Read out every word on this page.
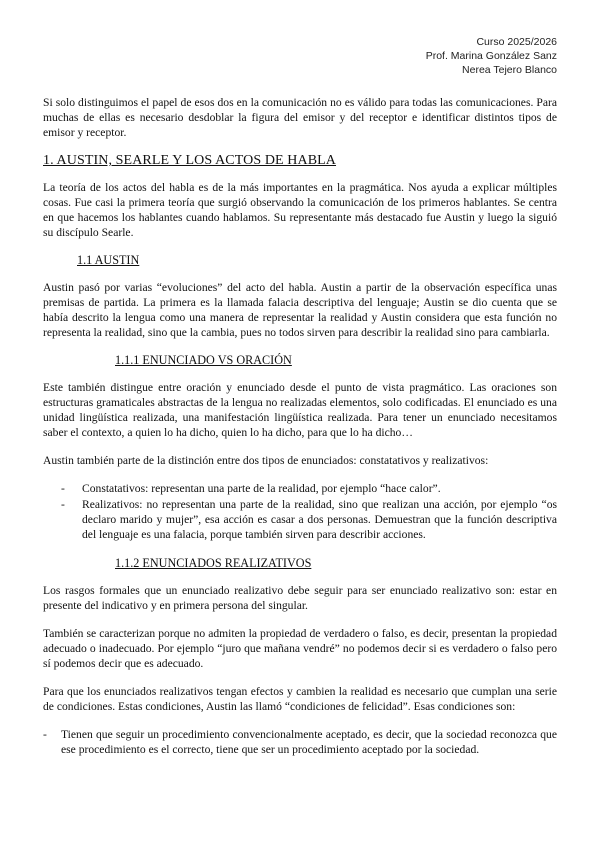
Curso 2025/2026
Prof. Marina González Sanz
Nerea Tejero Blanco

Si solo distinguimos el papel de esos dos en la comunicación no es válido para todas las comunicaciones. Para muchas de ellas es necesario desdoblar la figura del emisor y del receptor e identificar distintos tipos de emisor y receptor.

1. AUSTIN, SEARLE Y LOS ACTOS DE HABLA

La teoría de los actos del habla es de la más importantes en la pragmática. Nos ayuda a explicar múltiples cosas. Fue casi la primera teoría que surgió observando la comunicación de los primeros hablantes. Se centra en que hacemos los hablantes cuando hablamos. Su representante más destacado fue Austin y luego la siguió su discípulo Searle.

1.1 AUSTIN

Austin pasó por varias “evoluciones” del acto del habla. Austin a partir de la observación específica unas premisas de partida. La primera es la llamada falacia descriptiva del lenguaje; Austin se dio cuenta que se había descrito la lengua como una manera de representar la realidad y Austin considera que esta función no representa la realidad, sino que la cambia, pues no todos sirven para describir la realidad sino para cambiarla.

1.1.1 ENUNCIADO VS ORACIÓN

Este también distingue entre oración y enunciado desde el punto de vista pragmático. Las oraciones son estructuras gramaticales abstractas de la lengua no realizadas elementos, solo codificadas. El enunciado es una unidad lingüística realizada, una manifestación lingüística realizada. Para tener un enunciado necesitamos saber el contexto, a quien lo ha dicho, quien lo ha dicho, para que lo ha dicho…

Austin también parte de la distinción entre dos tipos de enunciados: constatativos y realizativos:

- Constatativos: representan una parte de la realidad, por ejemplo “hace calor”.
- Realizativos: no representan una parte de la realidad, sino que realizan una acción, por ejemplo “os declaro marido y mujer”, esa acción es casar a dos personas. Demuestran que la función descriptiva del lenguaje es una falacia, porque también sirven para describir acciones.
1.1.2 ENUNCIADOS REALIZATIVOS

Los rasgos formales que un enunciado realizativo debe seguir para ser enunciado realizativo son: estar en presente del indicativo y en primera persona del singular.

También se caracterizan porque no admiten la propiedad de verdadero o falso, es decir, presentan la propiedad adecuado o inadecuado. Por ejemplo “juro que mañana vendré” no podemos decir si es verdadero o falso pero sí podemos decir que es adecuado.

Para que los enunciados realizativos tengan efectos y cambien la realidad es necesario que cumplan una serie de condiciones. Estas condiciones, Austin las llamó “condiciones de felicidad”. Esas condiciones son:

- Tienen que seguir un procedimiento convencionalmente aceptado, es decir, que la sociedad reconozca que ese procedimiento es el correcto, tiene que ser un procedimiento aceptado por la sociedad.
